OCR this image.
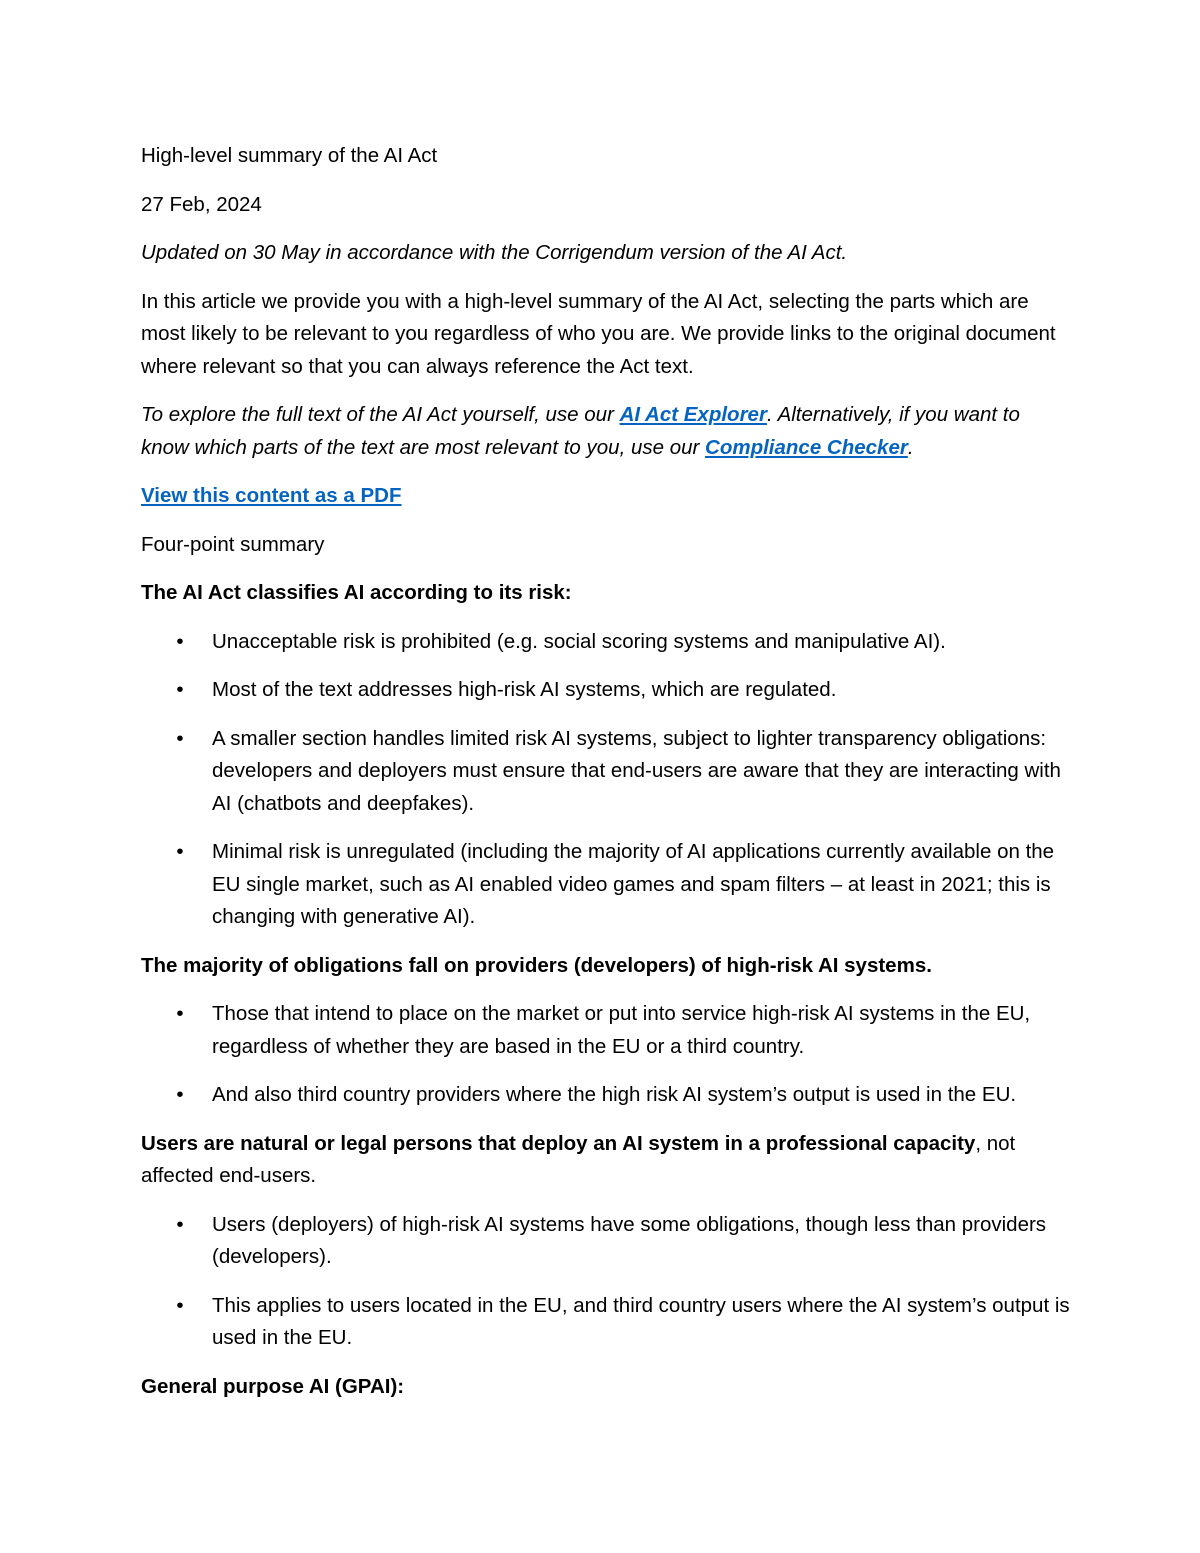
High-level summary of the AI Act

27 Feb, 2024

Updated on 30 May in accordance with the Corrigendum version of the AI Act.

In this article we provide you with a high-level summary of the AI Act, selecting the parts which are most likely to be relevant to you regardless of who you are. We provide links to the original document where relevant so that you can always reference the Act text.

To explore the full text of the AI Act yourself, use our AI Act Explorer. Alternatively, if you want to know which parts of the text are most relevant to you, use our Compliance Checker.

View this content as a PDF

Four-point summary

The AI Act classifies AI according to its risk:

• Unacceptable risk is prohibited (e.g. social scoring systems and manipulative AI).
• Most of the text addresses high-risk AI systems, which are regulated.
• A smaller section handles limited risk AI systems, subject to lighter transparency obligations: developers and deployers must ensure that end-users are aware that they are interacting with AI (chatbots and deepfakes).
• Minimal risk is unregulated (including the majority of AI applications currently available on the EU single market, such as AI enabled video games and spam filters – at least in 2021; this is changing with generative AI).

The majority of obligations fall on providers (developers) of high-risk AI systems.

• Those that intend to place on the market or put into service high-risk AI systems in the EU, regardless of whether they are based in the EU or a third country.
• And also third country providers where the high risk AI system’s output is used in the EU.

Users are natural or legal persons that deploy an AI system in a professional capacity, not affected end-users.

• Users (deployers) of high-risk AI systems have some obligations, though less than providers (developers).
• This applies to users located in the EU, and third country users where the AI system’s output is used in the EU.

General purpose AI (GPAI):
